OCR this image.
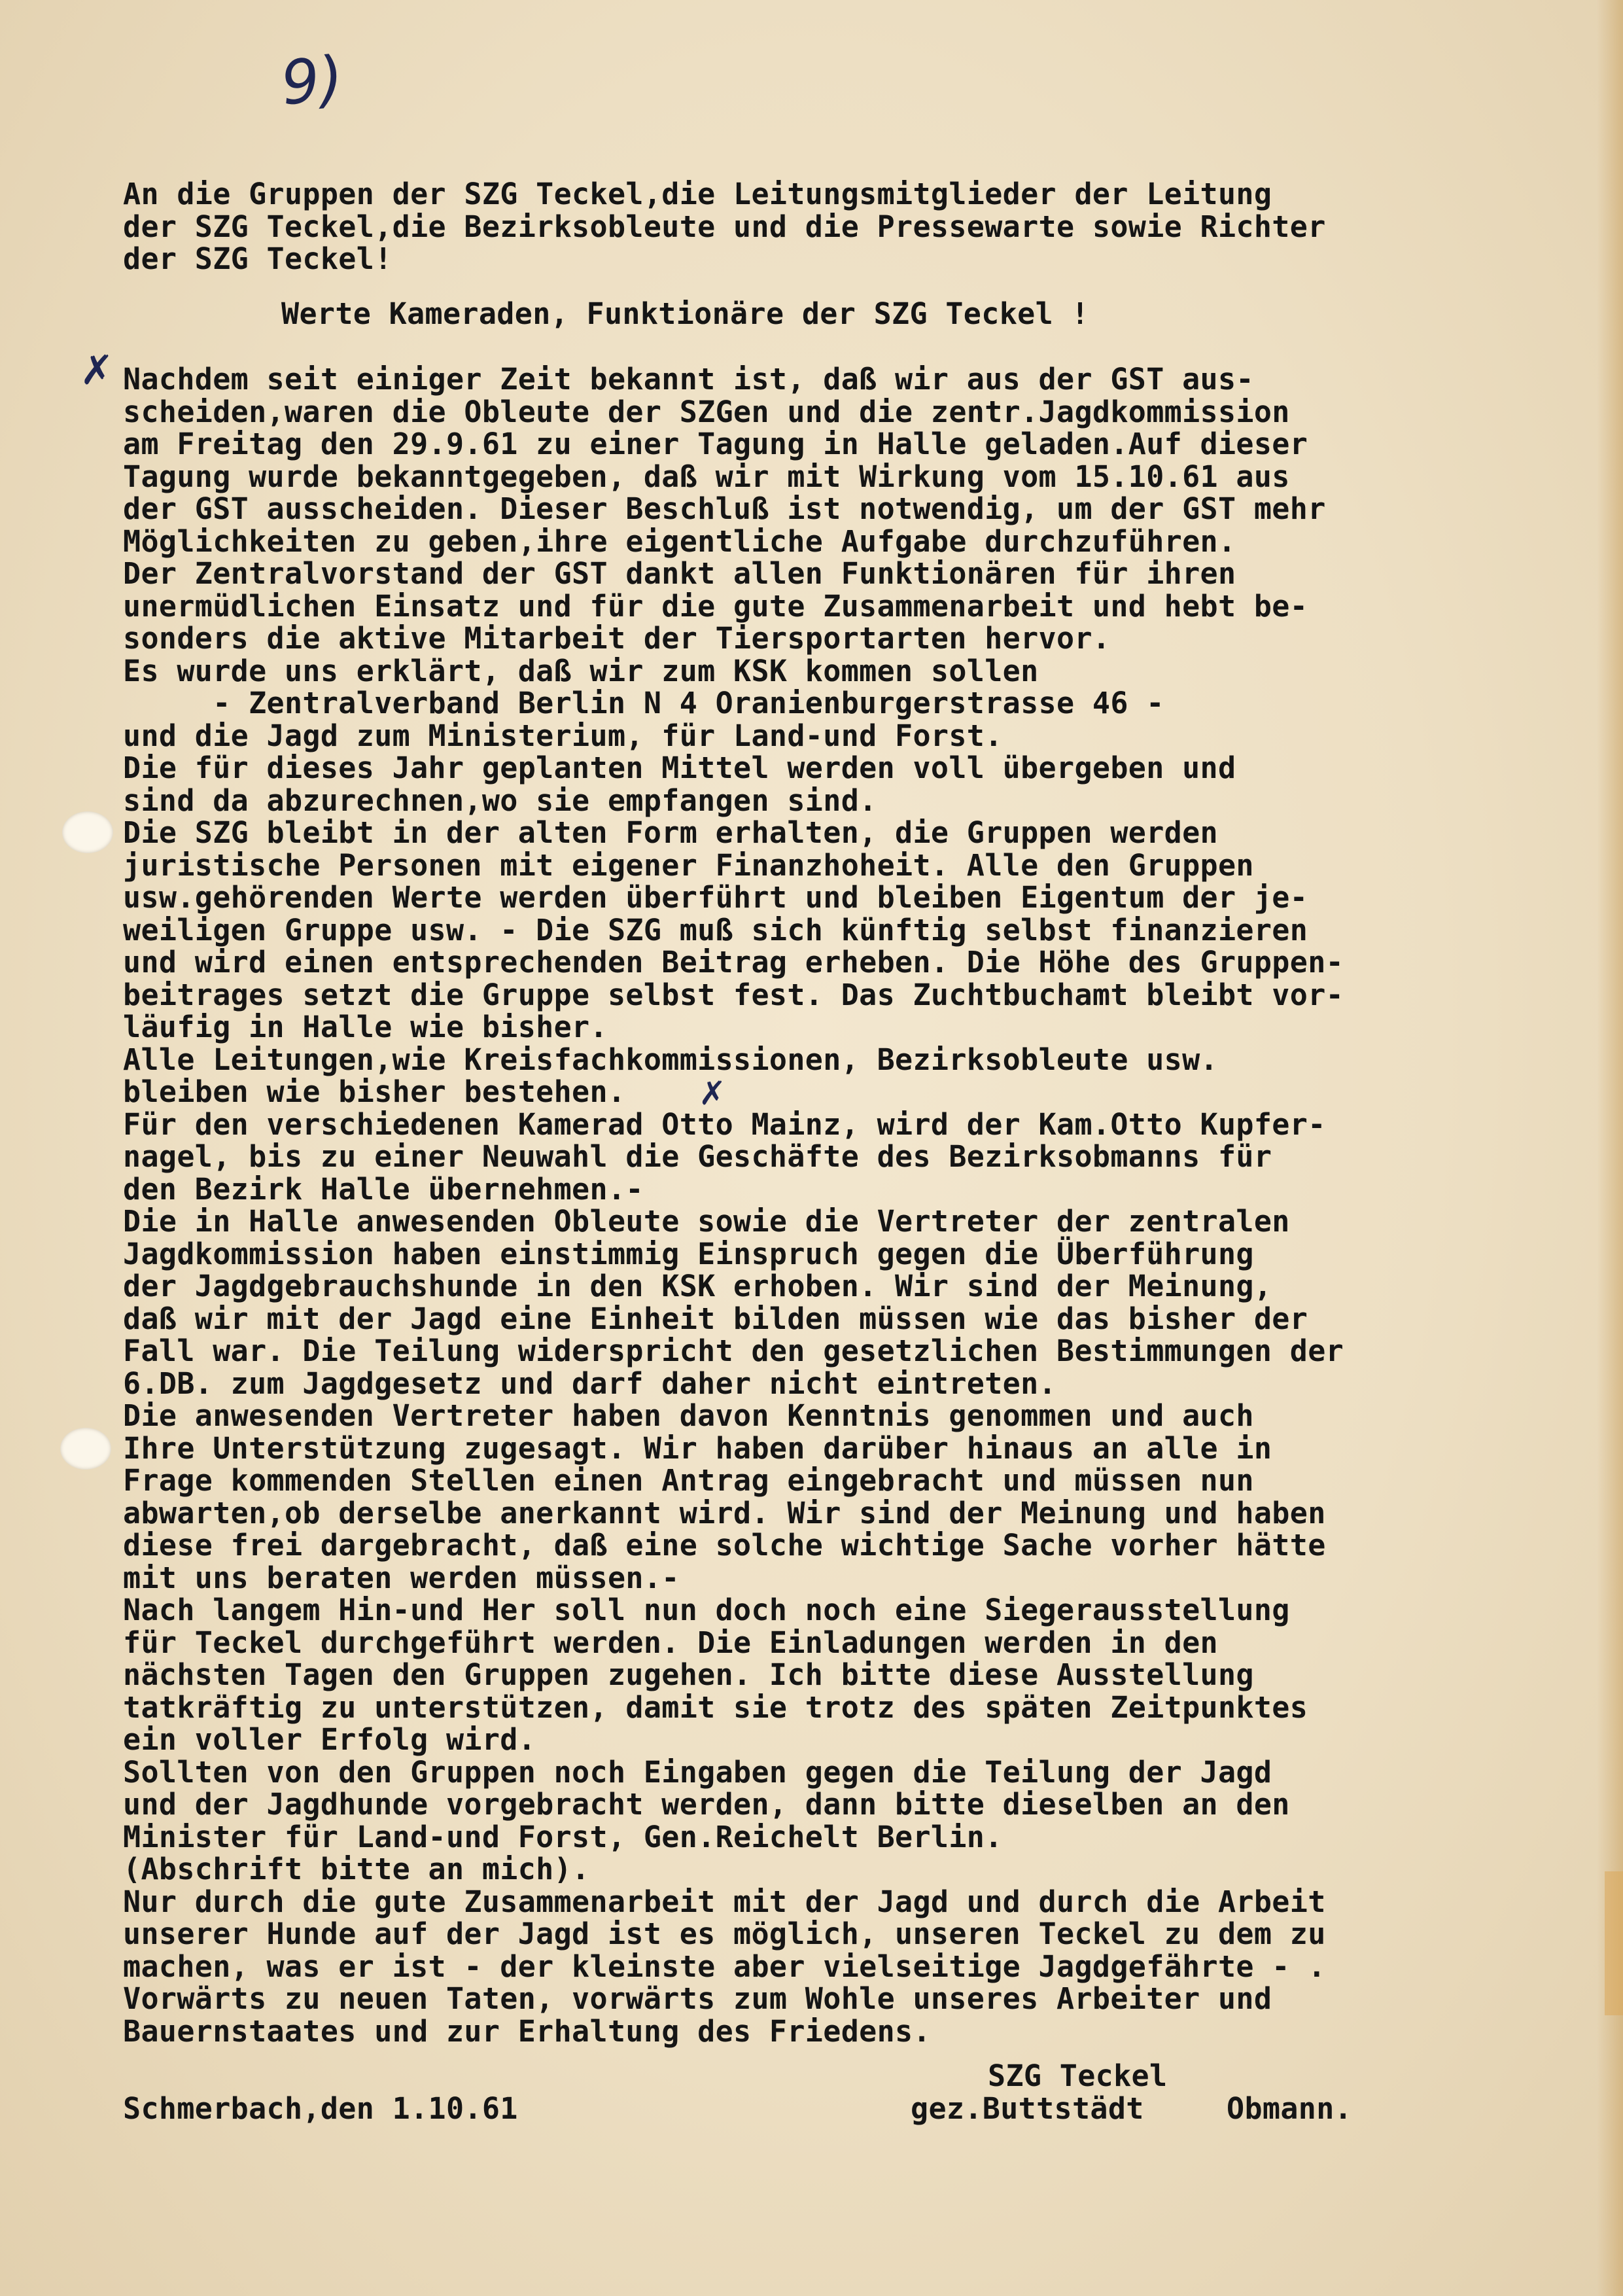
9)
An die Gruppen der SZG Teckel,die Leitungsmitglieder der Leitung
der SZG Teckel,die Bezirksobleute und die Pressewarte sowie Richter
der SZG Teckel!
Werte Kameraden, Funktionäre der SZG Teckel !
Nachdem seit einiger Zeit bekannt ist, daß wir aus der GST aus-
scheiden,waren die Obleute der SZGen und die zentr.Jagdkommission
am Freitag den 29.9.61 zu einer Tagung in Halle geladen.Auf dieser
Tagung wurde bekanntgegeben, daß wir mit Wirkung vom 15.10.61 aus
der GST ausscheiden. Dieser Beschluß ist notwendig, um der GST mehr
Möglichkeiten zu geben,ihre eigentliche Aufgabe durchzuführen.
Der Zentralvorstand der GST dankt allen Funktionären für ihren
unermüdlichen Einsatz und für die gute Zusammenarbeit und hebt be-
sonders die aktive Mitarbeit der Tiersportarten hervor.
Es wurde uns erklärt, daß wir zum KSK kommen sollen
- Zentralverband Berlin N 4 Oranienburgerstrasse 46 -
und die Jagd zum Ministerium, für Land-und Forst.
Die für dieses Jahr geplanten Mittel werden voll übergeben und
sind da abzurechnen,wo sie empfangen sind.
Die SZG bleibt in der alten Form erhalten, die Gruppen werden
juristische Personen mit eigener Finanzhoheit. Alle den Gruppen
usw.gehörenden Werte werden überführt und bleiben Eigentum der je-
weiligen Gruppe usw. - Die SZG muß sich künftig selbst finanzieren
und wird einen entsprechenden Beitrag erheben. Die Höhe des Gruppen-
beitrages setzt die Gruppe selbst fest. Das Zuchtbuchamt bleibt vor-
läufig in Halle wie bisher.
Alle Leitungen,wie Kreisfachkommissionen, Bezirksobleute usw.
bleiben wie bisher bestehen.
Für den verschiedenen Kamerad Otto Mainz, wird der Kam.Otto Kupfer-
nagel, bis zu einer Neuwahl die Geschäfte des Bezirksobmanns für
den Bezirk Halle übernehmen.-
Die in Halle anwesenden Obleute sowie die Vertreter der zentralen
Jagdkommission haben einstimmig Einspruch gegen die Überführung
der Jagdgebrauchshunde in den KSK erhoben. Wir sind der Meinung,
daß wir mit der Jagd eine Einheit bilden müssen wie das bisher der
Fall war. Die Teilung widerspricht den gesetzlichen Bestimmungen der
6.DB. zum Jagdgesetz und darf daher nicht eintreten.
Die anwesenden Vertreter haben davon Kenntnis genommen und auch
Ihre Unterstützung zugesagt. Wir haben darüber hinaus an alle in
Frage kommenden Stellen einen Antrag eingebracht und müssen nun
abwarten,ob derselbe anerkannt wird. Wir sind der Meinung und haben
diese frei dargebracht, daß eine solche wichtige Sache vorher hätte
mit uns beraten werden müssen.-
Nach langem Hin-und Her soll nun doch noch eine Siegerausstellung
für Teckel durchgeführt werden. Die Einladungen werden in den
nächsten Tagen den Gruppen zugehen. Ich bitte diese Ausstellung
tatkräftig zu unterstützen, damit sie trotz des späten Zeitpunktes
ein voller Erfolg wird.
Sollten von den Gruppen noch Eingaben gegen die Teilung der Jagd
und der Jagdhunde vorgebracht werden, dann bitte dieselben an den
Minister für Land-und Forst, Gen.Reichelt Berlin.
(Abschrift bitte an mich).
Nur durch die gute Zusammenarbeit mit der Jagd und durch die Arbeit
unserer Hunde auf der Jagd ist es möglich, unseren Teckel zu dem zu
machen, was er ist - der kleinste aber vielseitige Jagdgefährte - .
Vorwärts zu neuen Taten, vorwärts zum Wohle unseres Arbeiter und
Bauernstaates und zur Erhaltung des Friedens.
✗
✗
SZG Teckel
Schmerbach,den 1.10.61	gez.Buttstädt	Obmann.
